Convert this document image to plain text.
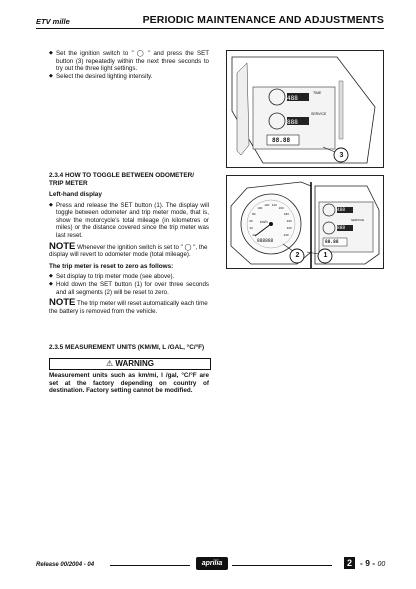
ETV mille	PERIODIC MAINTENANCE AND ADJUSTMENTS
◆ Set the ignition switch to " ◯ " and press the SET button (3) repeatedly within the next three seconds to try out the three light settings.
◆ Select the desired lighting intensity.
2.3.4 HOW TO TOGGLE BETWEEN ODOMETER/ TRIP METER
Left-hand display
◆ Press and release the SET button (1). The display will toggle between odometer and trip meter mode, that is, show the motorcycle's total mileage (in kilometres or miles) or the distance covered since the trip meter was last reset.
NOTE Whenever the ignition switch is set to " ◯ ", the display will revert to odometer mode (total mileage).
The trip meter is reset to zero as follows:
◆ Set display to trip meter mode (see above).
◆ Hold down the SET button (1) for over three seconds and all segments (2) will be reset to zero.
NOTE The trip meter will reset automatically each time the battery is removed from the vehicle.
2.3.5 MEASUREMENT UNITS (KM/MI, L /GAL, °C/°F)
⚠ WARNING
Measurement units such as km/mi, l /gal, °C/°F are set at the factory depending on country of destination. Factory setting cannot be modified.
488
888
88.88
SERVICE
TIME
3
km/h
888888
488
888
88.88
SERVICE
2	1
20
40
60
80
100
120 140
160
180
200
220
240
Release 00/2004 - 04	aprilia	2 - 9 - 00
